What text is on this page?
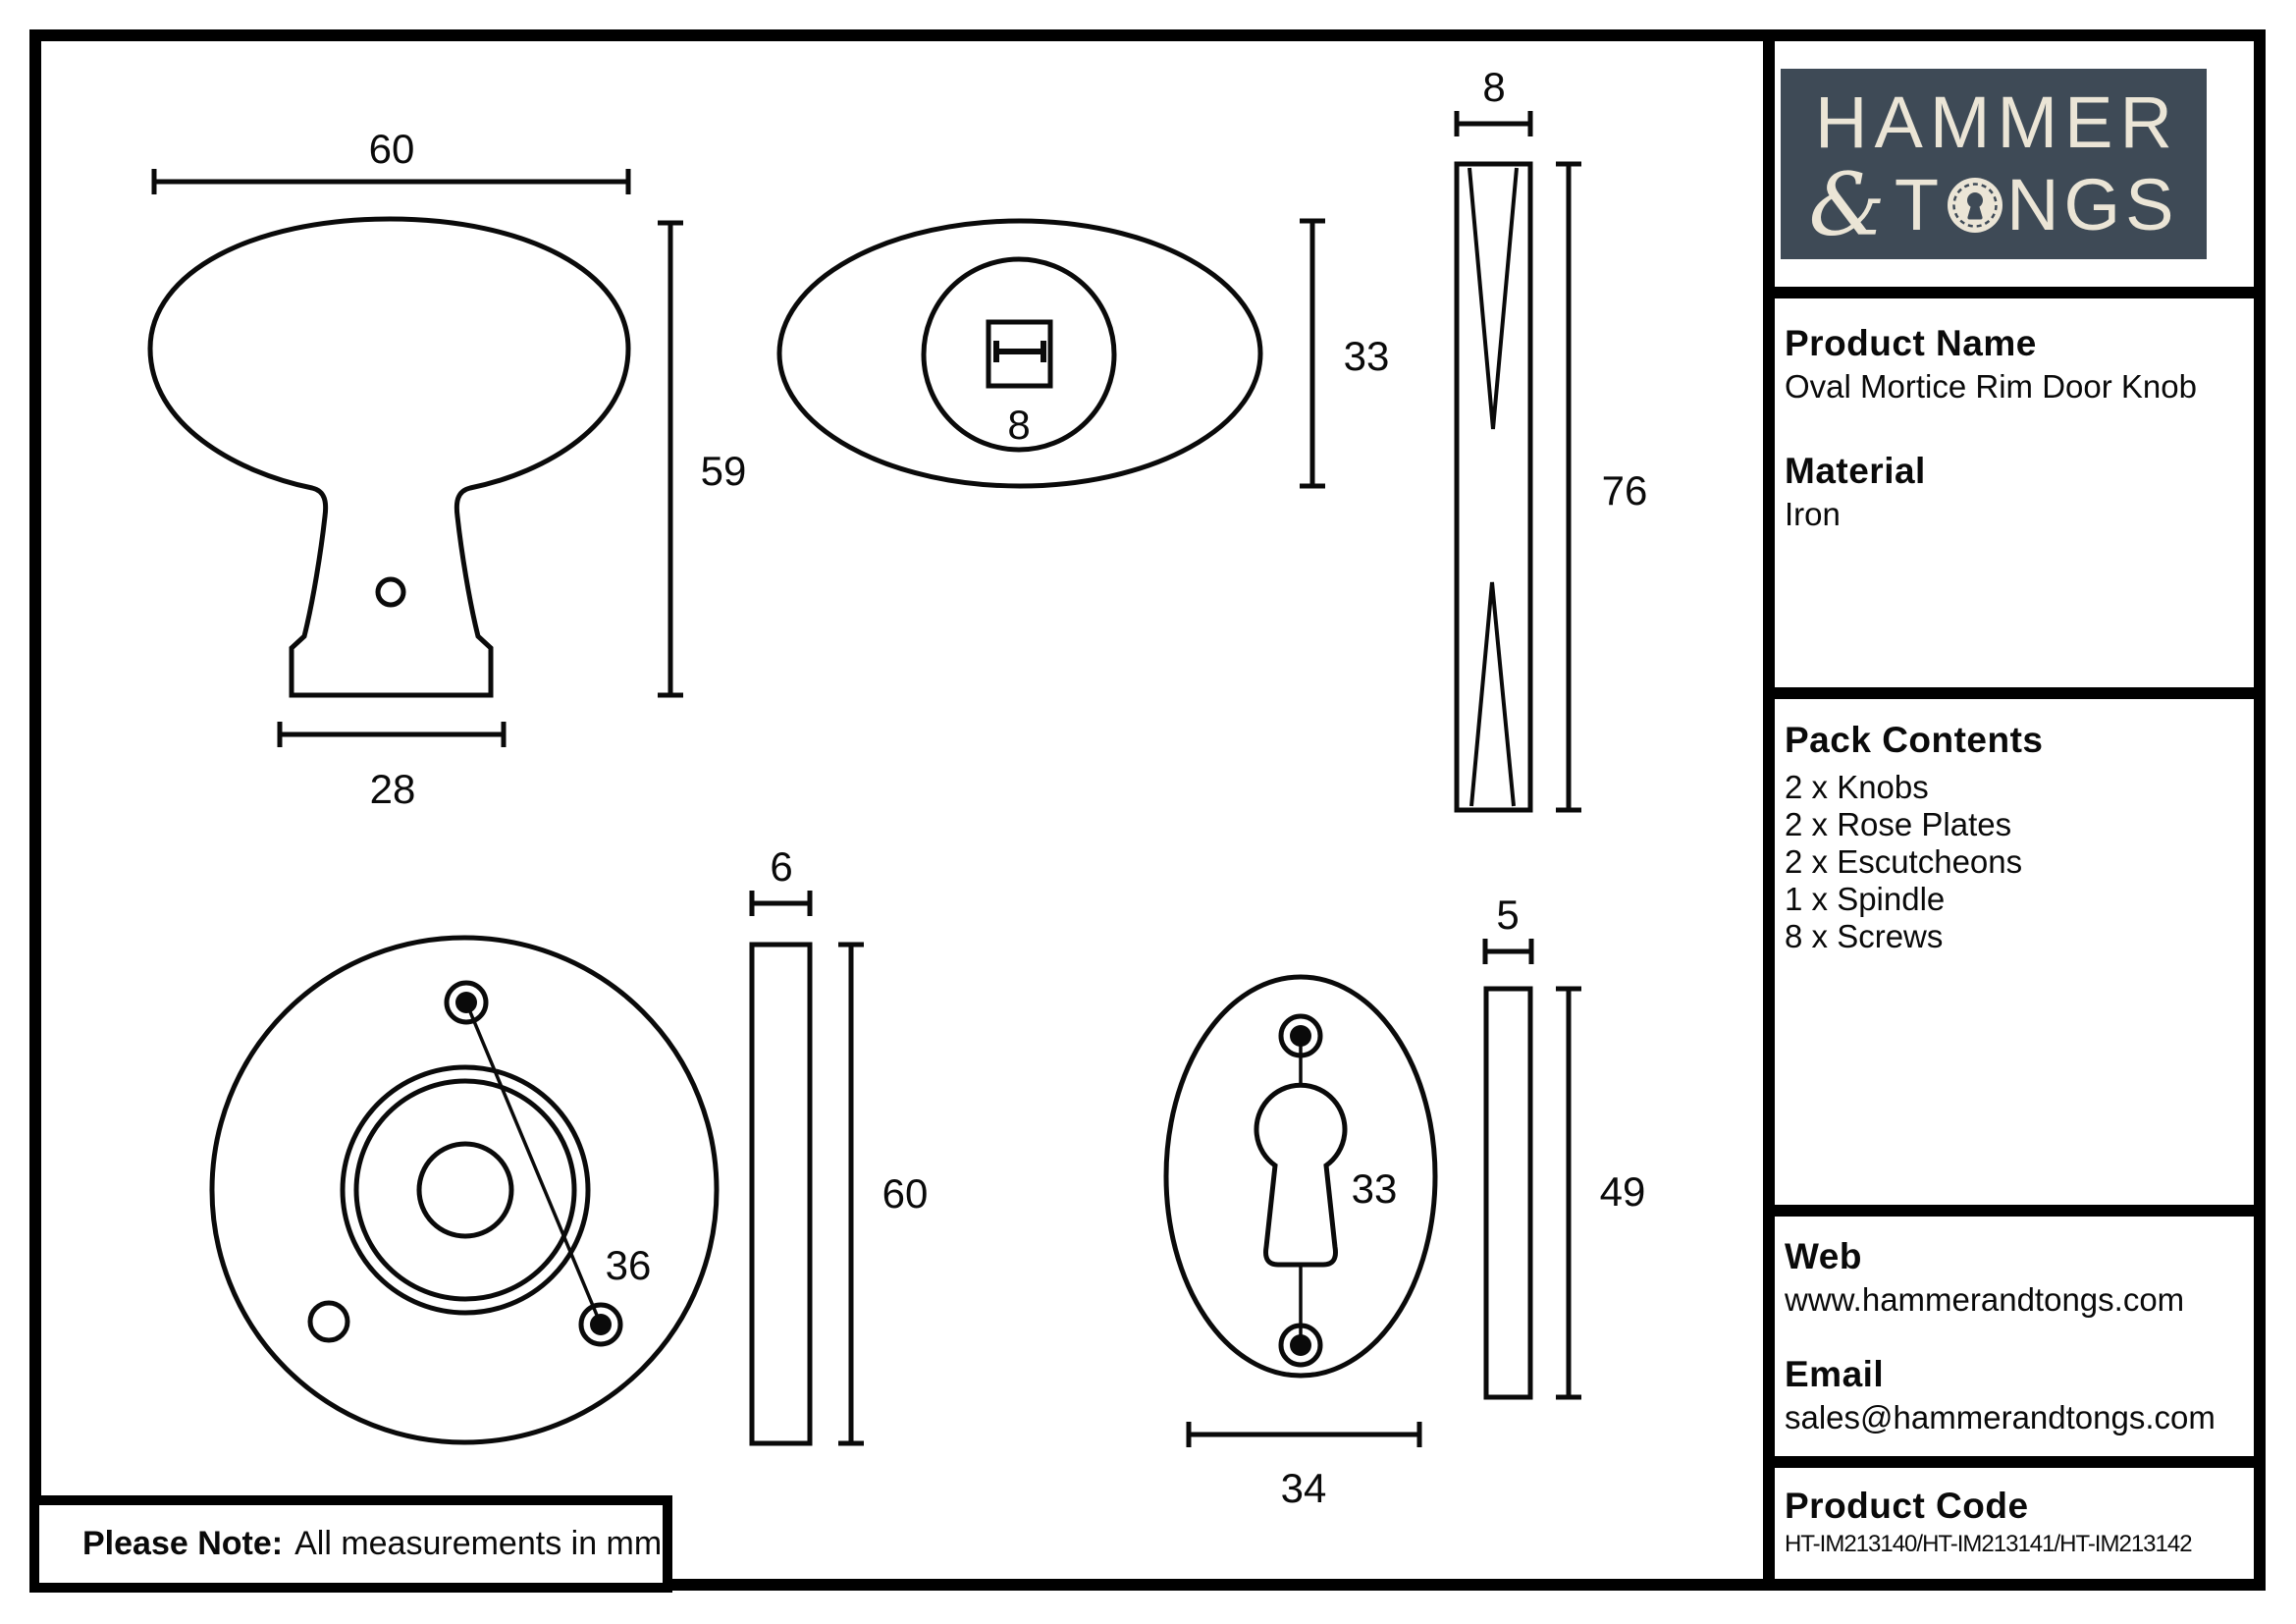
60
59
28
8
33
8
76
36
6
60	33
34
5
49
HAMMER
& T NGS
Product Name
Oval Mortice Rim Door Knob
Material
Iron
Pack Contents
2 x Knobs
2 x Rose Plates
2 x Escutcheons
1 x Spindle
8 x Screws
Web
www.hammerandtongs.com
Email
sales@hammerandtongs.com
Product Code
HT-IM213140/HT-IM213141/HT-IM213142
Please Note: All measurements in mm
